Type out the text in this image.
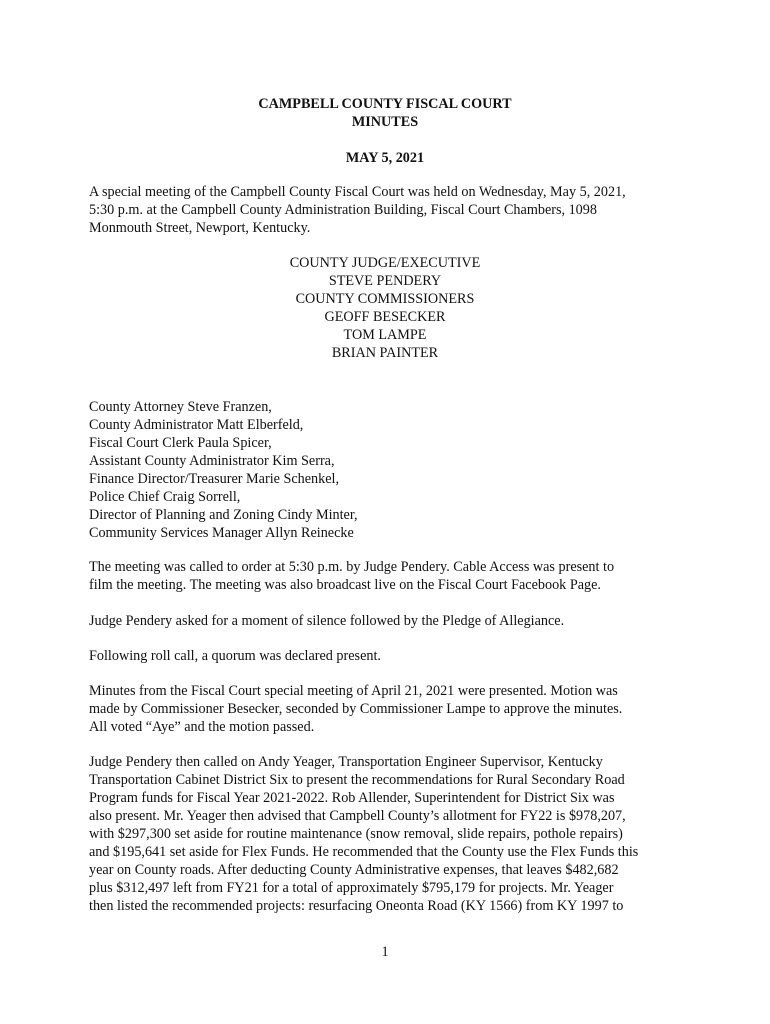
CAMPBELL COUNTY FISCAL COURT
MINUTES
MAY 5, 2021
A special meeting of the Campbell County Fiscal Court was held on Wednesday, May 5, 2021,
5:30 p.m. at the Campbell County Administration Building, Fiscal Court Chambers, 1098
Monmouth Street, Newport, Kentucky.
COUNTY JUDGE/EXECUTIVE
STEVE PENDERY
COUNTY COMMISSIONERS
GEOFF BESECKER
TOM LAMPE
BRIAN PAINTER
County Attorney Steve Franzen,
County Administrator Matt Elberfeld,
Fiscal Court Clerk Paula Spicer,
Assistant County Administrator Kim Serra,
Finance Director/Treasurer Marie Schenkel,
Police Chief Craig Sorrell,
Director of Planning and Zoning Cindy Minter,
Community Services Manager Allyn Reinecke
The meeting was called to order at 5:30 p.m. by Judge Pendery. Cable Access was present to
film the meeting. The meeting was also broadcast live on the Fiscal Court Facebook Page.
Judge Pendery asked for a moment of silence followed by the Pledge of Allegiance.
Following roll call, a quorum was declared present.
Minutes from the Fiscal Court special meeting of April 21, 2021 were presented. Motion was
made by Commissioner Besecker, seconded by Commissioner Lampe to approve the minutes.
All voted “Aye” and the motion passed.
Judge Pendery then called on Andy Yeager, Transportation Engineer Supervisor, Kentucky
Transportation Cabinet District Six to present the recommendations for Rural Secondary Road
Program funds for Fiscal Year 2021-2022. Rob Allender, Superintendent for District Six was
also present. Mr. Yeager then advised that Campbell County’s allotment for FY22 is $978,207,
with $297,300 set aside for routine maintenance (snow removal, slide repairs, pothole repairs)
and $195,641 set aside for Flex Funds. He recommended that the County use the Flex Funds this
year on County roads. After deducting County Administrative expenses, that leaves $482,682
plus $312,497 left from FY21 for a total of approximately $795,179 for projects. Mr. Yeager
then listed the recommended projects: resurfacing Oneonta Road (KY 1566) from KY 1997 to
1
